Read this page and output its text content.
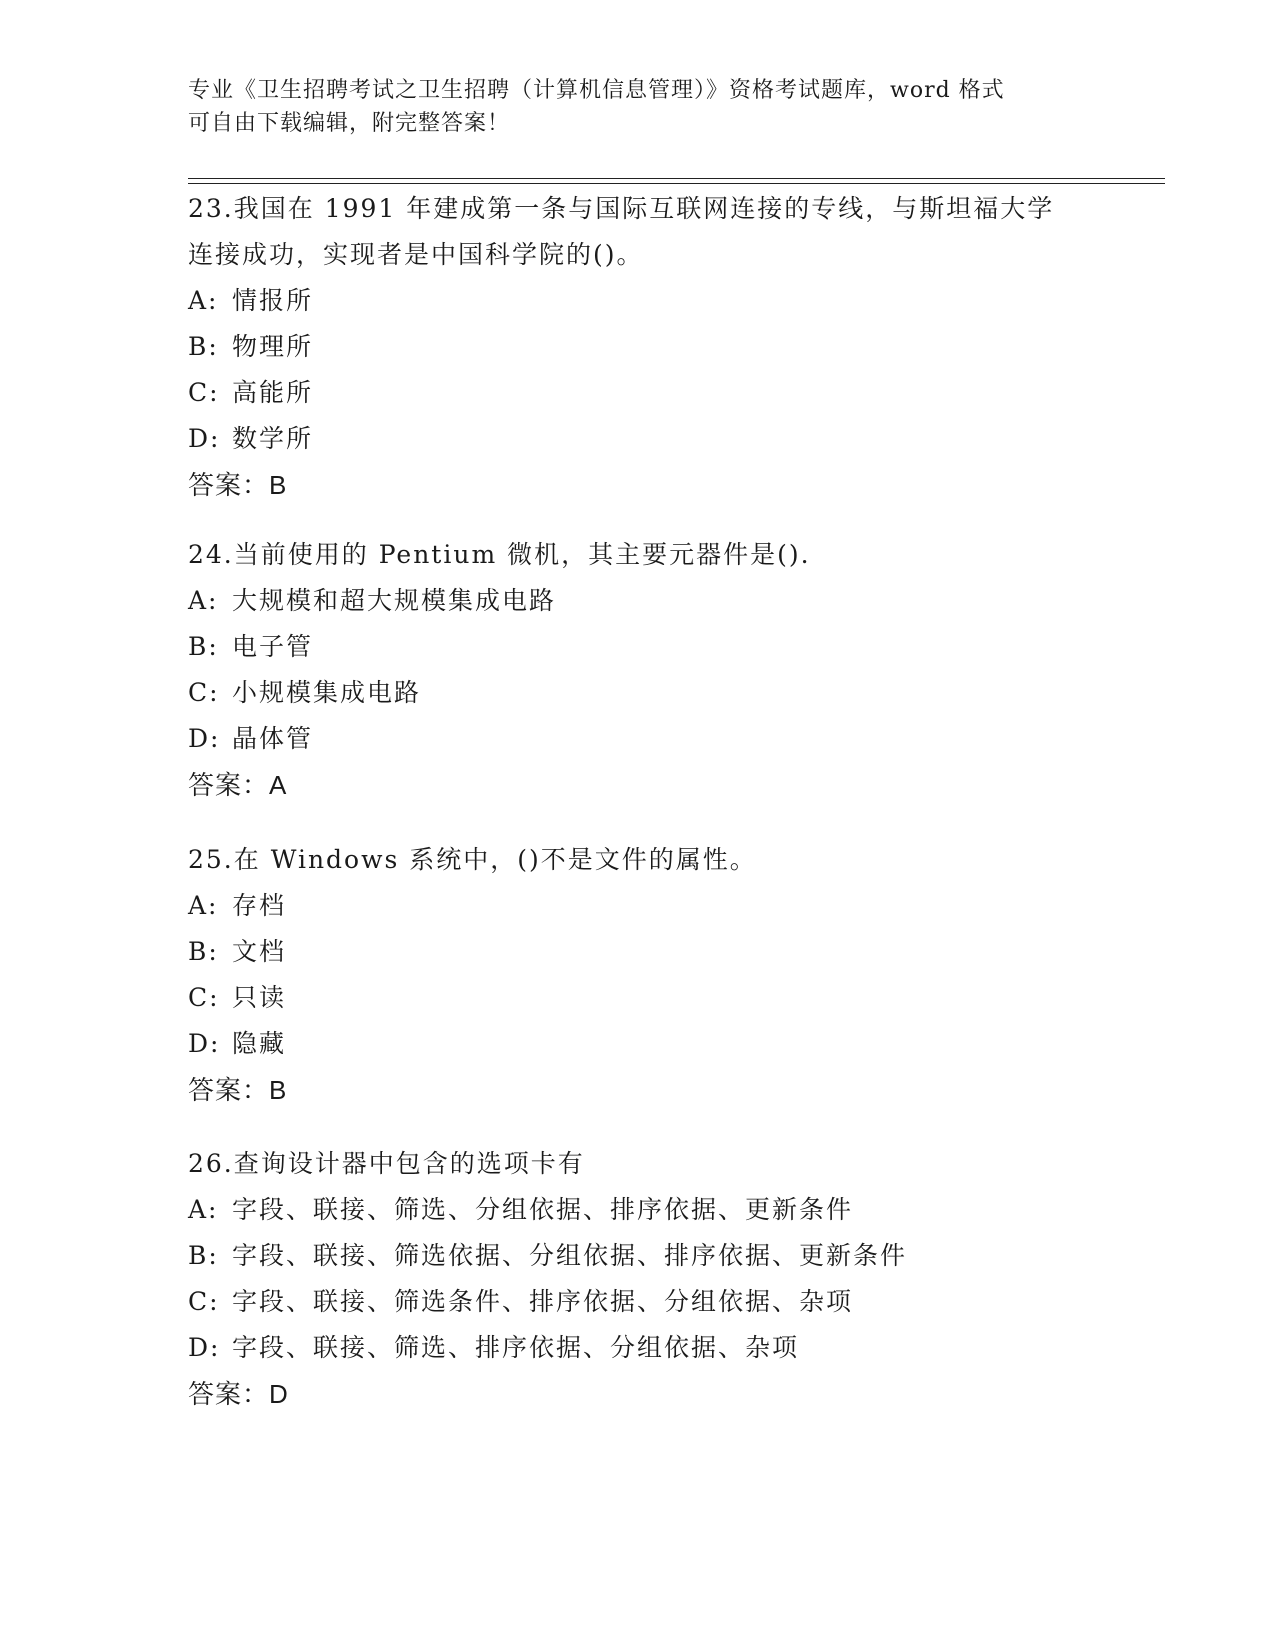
专业《卫生招聘考试之卫生招聘（计算机信息管理）》资格考试题库，word 格式
可自由下载编辑，附完整答案！

23.我国在 1991 年建成第一条与国际互联网连接的专线，与斯坦福大学连接成功，实现者是中国科学院的()。

A: 情报所

B: 物理所

C: 高能所

D: 数学所

答案：B

24.当前使用的 Pentium 微机，其主要元器件是().

A: 大规模和超大规模集成电路

B: 电子管

C: 小规模集成电路

D: 晶体管

答案：A

25.在 Windows 系统中，()不是文件的属性。

A: 存档

B: 文档

C: 只读

D: 隐藏

答案：B

26.查询设计器中包含的选项卡有

A: 字段、联接、筛选、分组依据、排序依据、更新条件

B: 字段、联接、筛选依据、分组依据、排序依据、更新条件

C: 字段、联接、筛选条件、排序依据、分组依据、杂项

D: 字段、联接、筛选、排序依据、分组依据、杂项

答案：D
